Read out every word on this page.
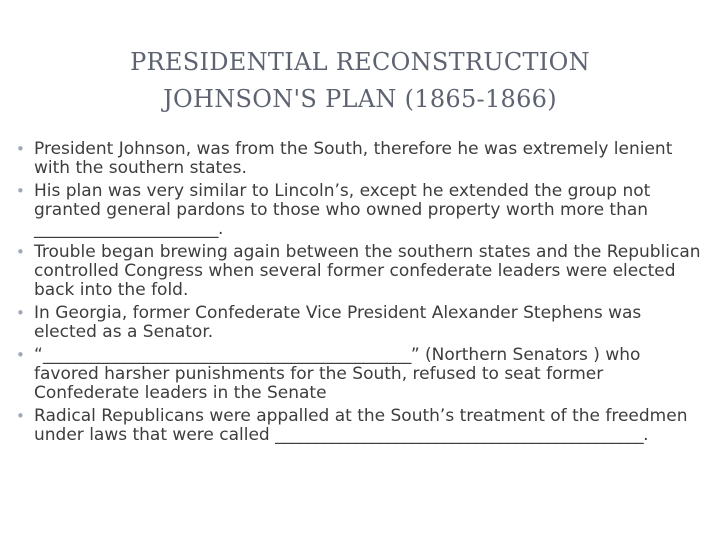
PRESIDENTIAL RECONSTRUCTION
JOHNSON'S PLAN (1865-1866)
• President Johnson, was from the South, therefore he was extremely lenient with the southern states.
• His plan was very similar to Lincoln’s, except he extended the group not granted general pardons to those who owned property worth more than _______________________.
• Trouble began brewing again between the southern states and the Republican controlled Congress when several former confederate leaders were elected back into the fold.
• In Georgia, former Confederate Vice President Alexander Stephens was elected as a Senator.
• “______________________________________________” (Northern Senators ) who favored harsher punishments for the South, refused to seat former Confederate leaders in the Senate
• Radical Republicans were appalled at the South’s treatment of the freedmen under laws that were called ______________________________________________.
